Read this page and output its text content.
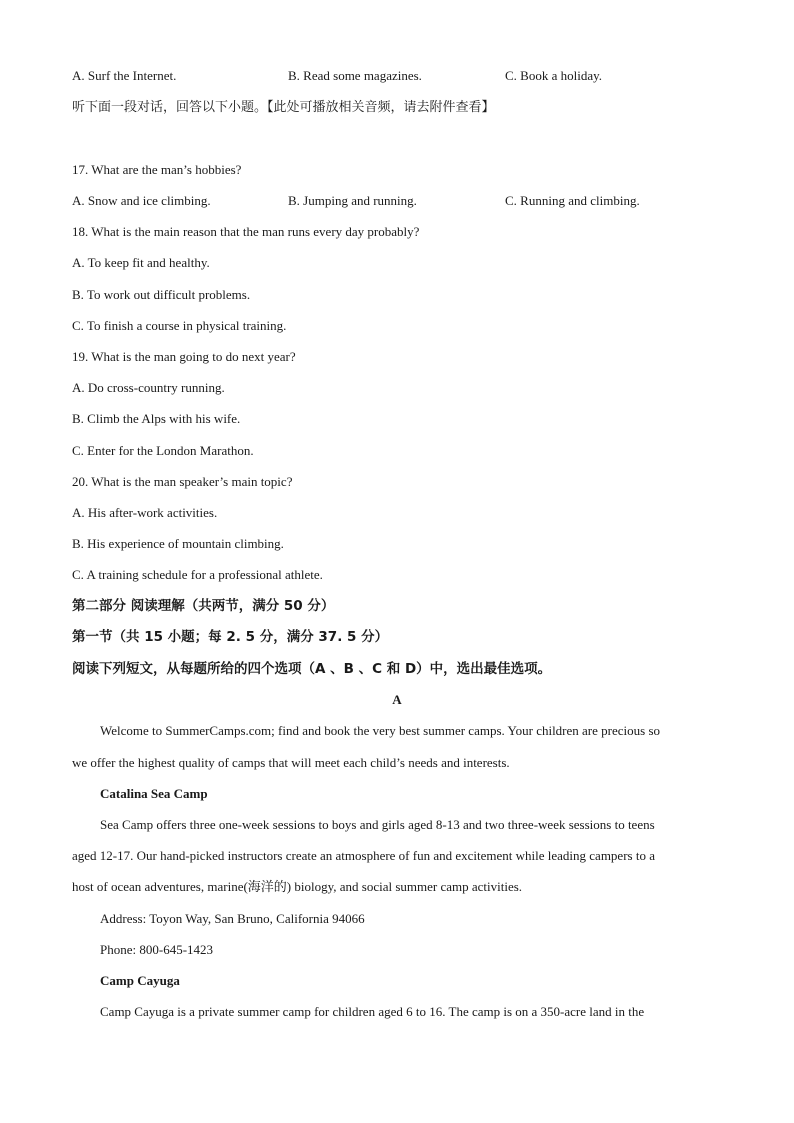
A. Surf the Internet.	B. Read some magazines.	C. Book a holiday.
听下面一段对话，回答以下小题。【此处可播放相关音频，请去附件查看】
17. What are the man’s hobbies?
A. Snow and ice climbing.	B. Jumping and running.	C. Running and climbing.
18. What is the main reason that the man runs every day probably?
A. To keep fit and healthy.
B. To work out difficult problems.
C. To finish a course in physical training.
19. What is the man going to do next year?
A. Do cross-country running.
B. Climb the Alps with his wife.
C. Enter for the London Marathon.
20. What is the man speaker’s main topic?
A. His after-work activities.
B. His experience of mountain climbing.
C. A training schedule for a professional athlete.
第二部分 阅读理解（共两节，满分 50 分）
第一节（共 15 小题；每 2. 5 分，满分 37. 5 分）
阅读下列短文，从每题所给的四个选项（A 、B 、C 和 D）中，选出最佳选项。
A
Welcome to SummerCamps.com; find and book the very best summer camps. Your children are precious so
we offer the highest quality of camps that will meet each child’s needs and interests.
Catalina Sea Camp
Sea Camp offers three one-week sessions to boys and girls aged 8-13 and two three-week sessions to teens
aged 12-17. Our hand-picked instructors create an atmosphere of fun and excitement while leading campers to a
host of ocean adventures, marine(海洋的) biology, and social summer camp activities.
Address: Toyon Way, San Bruno, California 94066
Phone: 800-645-1423
Camp Cayuga
Camp Cayuga is a private summer camp for children aged 6 to 16. The camp is on a 350-acre land in the
